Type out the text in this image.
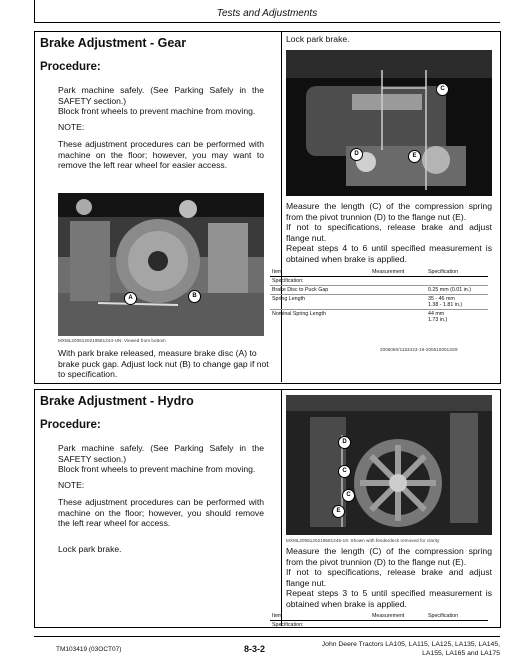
Tests and Adjustments
Brake Adjustment - Gear
Procedure:
Park machine safely. (See Parking Safely in the SAFETY section.)
Block front wheels to prevent machine from moving.
NOTE:
These adjustment procedures can be performed with machine on the floor; however, you may want to remove the left rear wheel for easier access.
A	B
MXML2006120219581244-UN: Viewed from bottom
With park brake released, measure brake disc (A) to brake puck gap. Adjust lock nut (B) to change gap if not to specification.
Lock park brake.
C
D	E
Measure the length (C) of the compression spring from the pivot trunnion (D) to the flange nut (E).
If not to specifications, release brake and adjust flange nut.
Repeat steps 4 to 6 until specified measurement is obtained when brake is applied.
Item	Measurement	Specification
Specification:		
Brake Disc to Puck Gap		0.25 mm (0.01 in.)
Spring Length		35 - 46 mm
1.38 - 1.81 in.)
Nominal Spring Length		44 mm
1.73 in.)
2006060/1153423-19-2006100513S9
Brake Adjustment - Hydro
Procedure:
Park machine safely. (See Parking Safely in the SAFETY section.)
Block front wheels to prevent machine from moving.
NOTE:
These adjustment procedures can be performed with machine on the floor; however, you should remove the left rear wheel for access.
Lock park brake.
D
C
C
E
MXML2006120219581246-19: Shown with fenderdeck removed for clarity
Measure the length (C) of the compression spring from the pivot trunnion (D) to the flange nut (E).
If not to specifications, release brake and adjust flange nut.
Repeat steps 3 to 5 until specified measurement is obtained when brake is applied.
Item	Measurement	Specification
Specification:
TM103419 (03OCT07)	8-3-2	John Deere Tractors LA105, LA115, LA125, LA135, LA145,
LA155, LA165 and LA175
